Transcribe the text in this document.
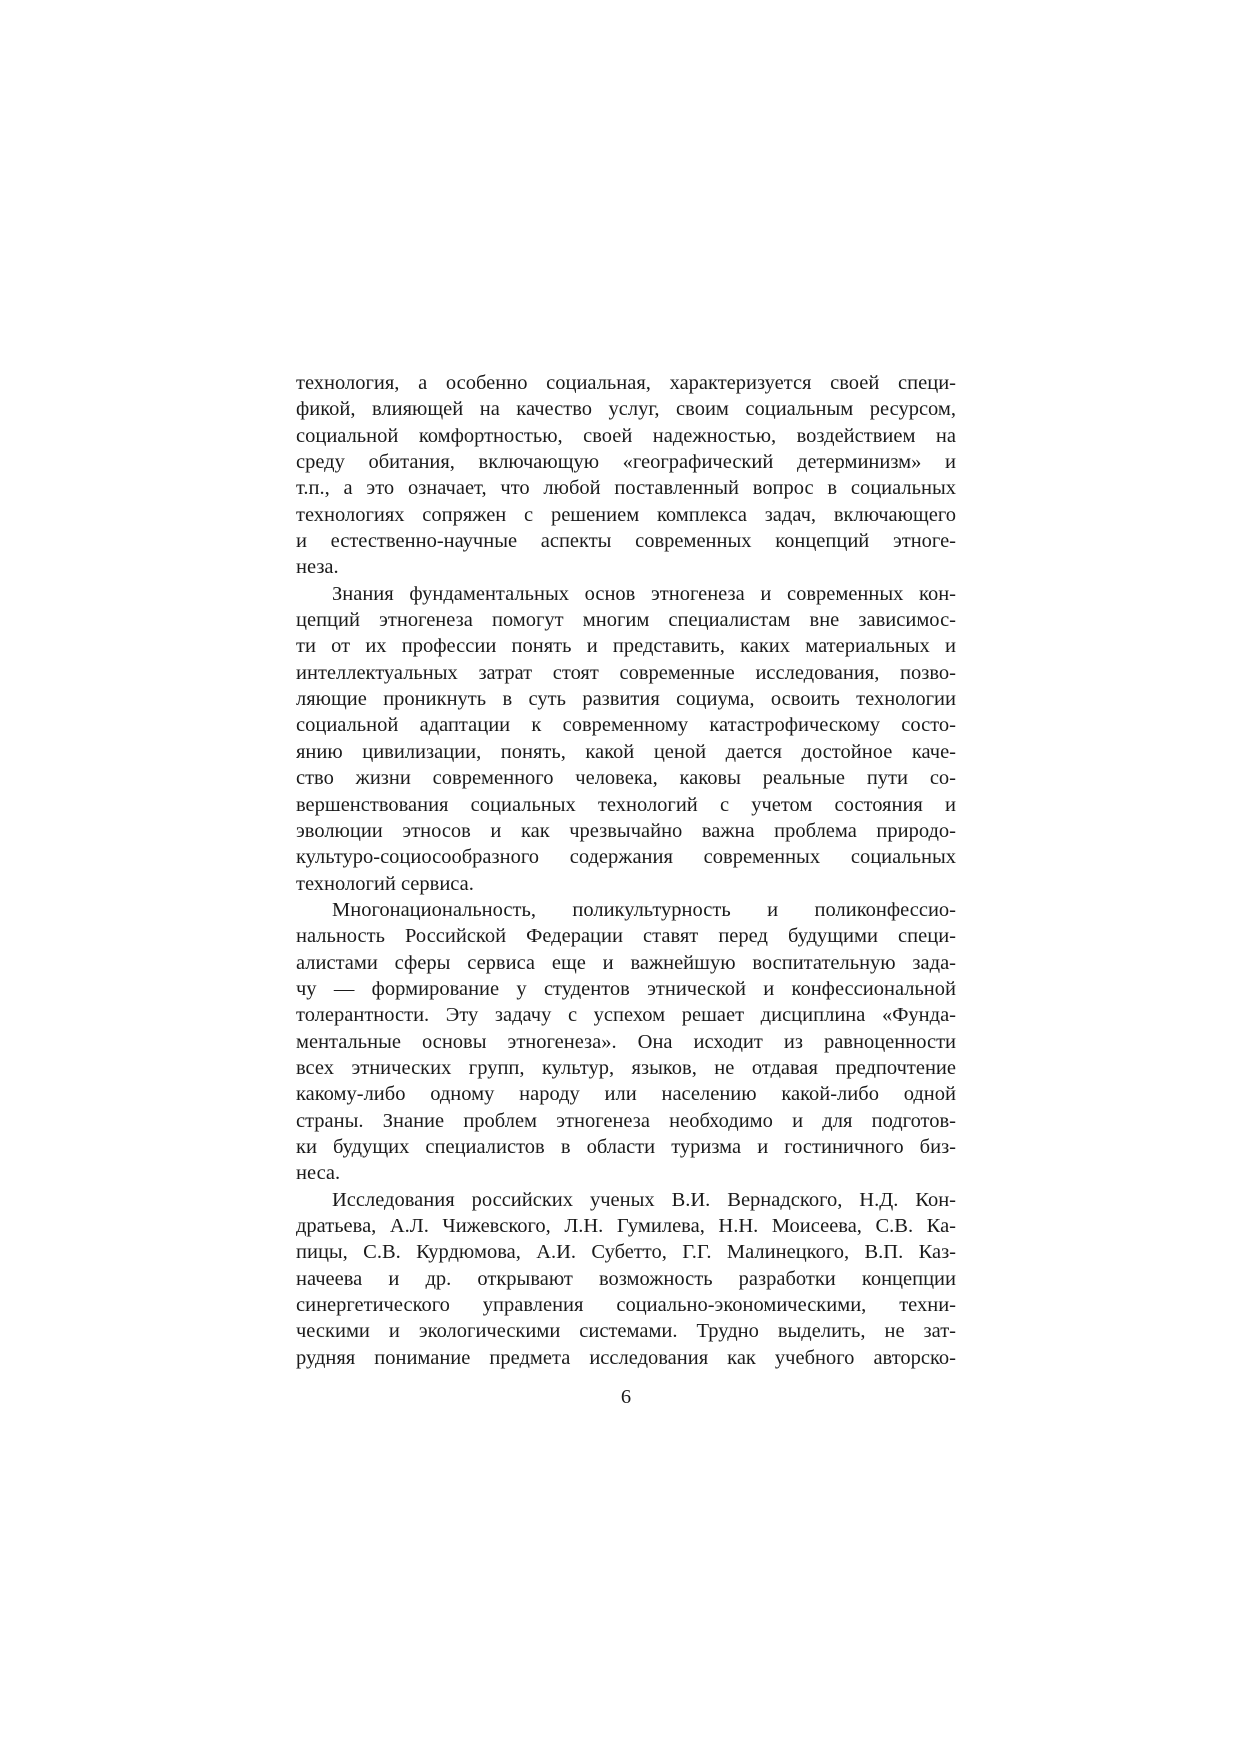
технология, а особенно социальная, характеризуется своей специ-
фикой, влияющей на качество услуг, своим социальным ресурсом,
социальной комфортностью, своей надежностью, воздействием на
среду обитания, включающую «географический детерминизм» и
т.п., а это означает, что любой поставленный вопрос в социальных
технологиях сопряжен с решением комплекса задач, включающего
и естественно-научные аспекты современных концепций этноге-
неза.

Знания фундаментальных основ этногенеза и современных кон-
цепций этногенеза помогут многим специалистам вне зависимос-
ти от их профессии понять и представить, каких материальных и
интеллектуальных затрат стоят современные исследования, позво-
ляющие проникнуть в суть развития социума, освоить технологии
социальной адаптации к современному катастрофическому состо-
янию цивилизации, понять, какой ценой дается достойное каче-
ство жизни современного человека, каковы реальные пути со-
вершенствования социальных технологий с учетом состояния и
эволюции этносов и как чрезвычайно важна проблема природо-
культуро-социосообразного содержания современных социальных
технологий сервиса.

Многонациональность, поликультурность и поликонфессио-
нальность Российской Федерации ставят перед будущими специ-
алистами сферы сервиса еще и важнейшую воспитательную зада-
чу — формирование у студентов этнической и конфессиональной
толерантности. Эту задачу с успехом решает дисциплина «Фунда-
ментальные основы этногенеза». Она исходит из равноценности
всех этнических групп, культур, языков, не отдавая предпочтение
какому-либо одному народу или населению какой-либо одной
страны. Знание проблем этногенеза необходимо и для подготов-
ки будущих специалистов в области туризма и гостиничного биз-
неса.

Исследования российских ученых В.И. Вернадского, Н.Д. Кон-
дратьева, А.Л. Чижевского, Л.Н. Гумилева, Н.Н. Моисеева, С.В. Ка-
пицы, С.В. Курдюмова, А.И. Субетто, Г.Г. Малинецкого, В.П. Каз-
начеева и др. открывают возможность разработки концепции
синергетического управления социально-экономическими, техни-
ческими и экологическими системами. Трудно выделить, не зат-
рудняя понимание предмета исследования как учебного авторско-

6
